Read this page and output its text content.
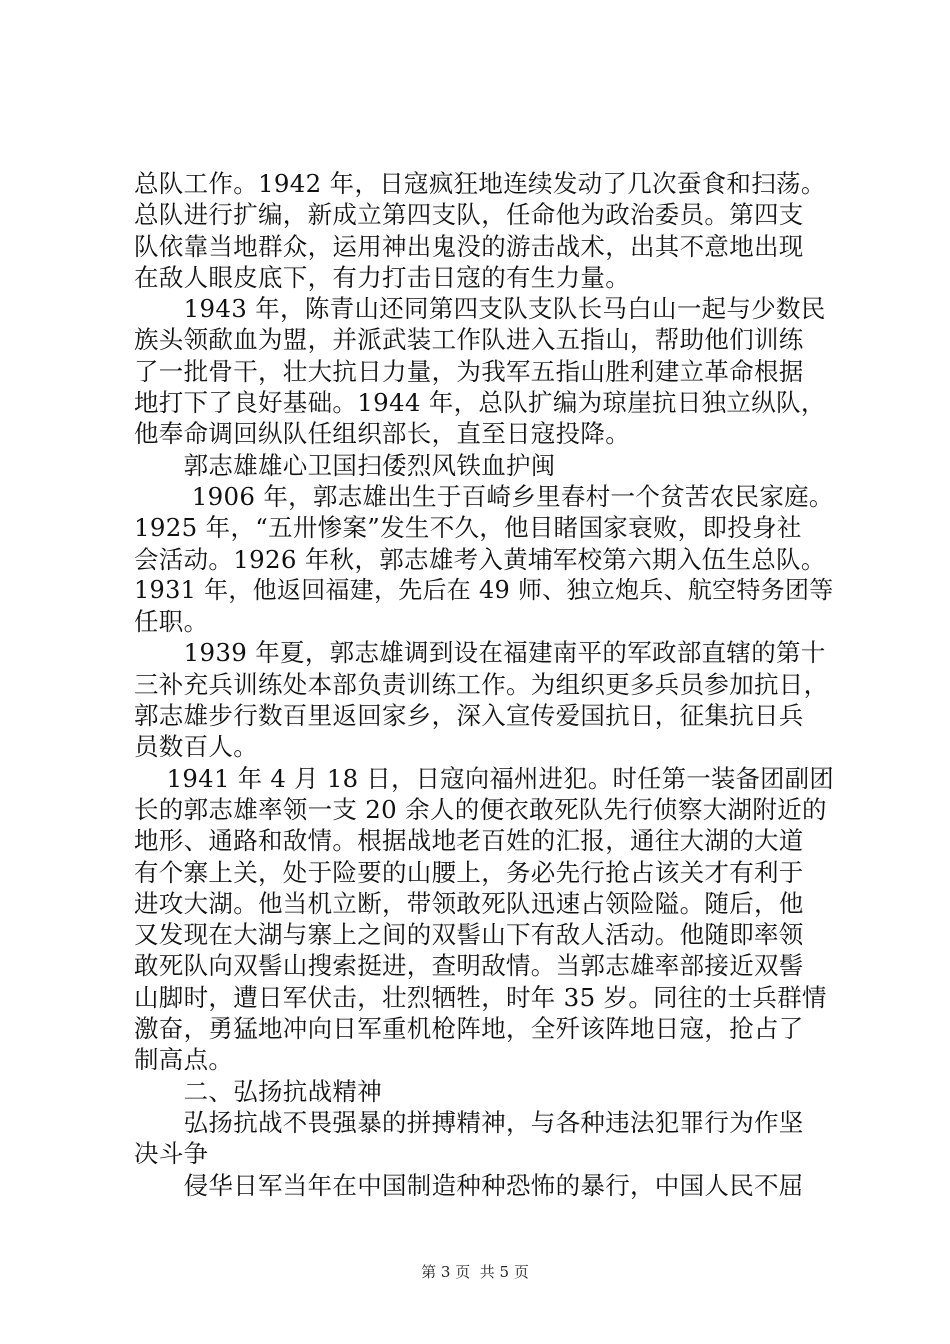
总队工作。1942 年，日寇疯狂地连续发动了几次蚕食和扫荡。
总队进行扩编，新成立第四支队，任命他为政治委员。第四支
队依靠当地群众，运用神出鬼没的游击战术，出其不意地出现
在敌人眼皮底下，有力打击日寇的有生力量。
　　1943 年，陈青山还同第四支队支队长马白山一起与少数民
族头领歃血为盟，并派武装工作队进入五指山，帮助他们训练
了一批骨干，壮大抗日力量，为我军五指山胜利建立革命根据
地打下了良好基础。1944 年，总队扩编为琼崖抗日独立纵队，
他奉命调回纵队任组织部长，直至日寇投降。
　　郭志雄雄心卫国扫倭烈风铁血护闽
　　 1906 年，郭志雄出生于百崎乡里春村一个贫苦农民家庭。
1925 年，“五卅惨案”发生不久，他目睹国家衰败，即投身社
会活动。1926 年秋，郭志雄考入黄埔军校第六期入伍生总队。
1931 年，他返回福建，先后在 49 师、独立炮兵、航空特务团等
任职。
　　1939 年夏，郭志雄调到设在福建南平的军政部直辖的第十
三补充兵训练处本部负责训练工作。为组织更多兵员参加抗日，
郭志雄步行数百里返回家乡，深入宣传爱国抗日，征集抗日兵
员数百人。
　 1941 年 4 月 18 日，日寇向福州进犯。时任第一装备团副团
长的郭志雄率领一支 20 余人的便衣敢死队先行侦察大湖附近的
地形、通路和敌情。根据战地老百姓的汇报，通往大湖的大道
有个寨上关，处于险要的山腰上，务必先行抢占该关才有利于
进攻大湖。他当机立断，带领敢死队迅速占领险隘。随后，他
又发现在大湖与寨上之间的双髻山下有敌人活动。他随即率领
敢死队向双髻山搜索挺进，查明敌情。当郭志雄率部接近双髻
山脚时，遭日军伏击，壮烈牺牲，时年 35 岁。同往的士兵群情
激奋，勇猛地冲向日军重机枪阵地，全歼该阵地日寇，抢占了
制高点。
　　二、弘扬抗战精神
　　弘扬抗战不畏强暴的拼搏精神，与各种违法犯罪行为作坚
决斗争
　　侵华日军当年在中国制造种种恐怖的暴行，中国人民不屈
第 3 页  共 5 页
